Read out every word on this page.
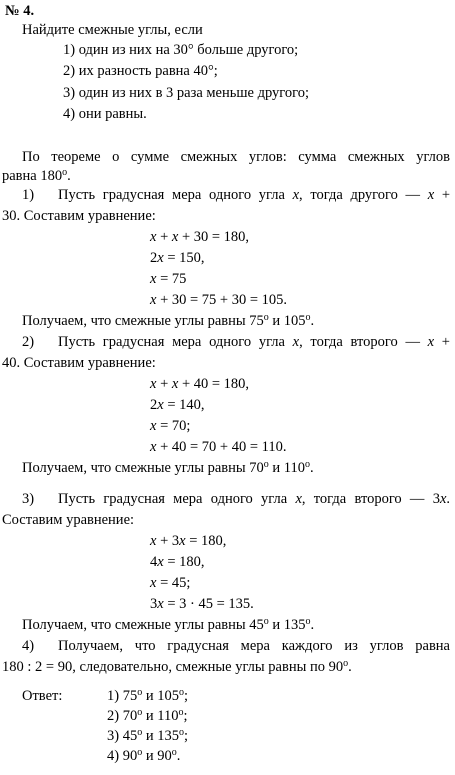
№ 4.
Найдите смежные углы, если
1) один из них на 30° больше другого;
2) их разность равна 40°;
3) один из них в 3 раза меньше другого;
4) они равны.
По теореме о сумме смежных углов: сумма смежных углов
равна 180$^o$.
1) Пусть градусная мера одного угла x, тогда другого — x +
30. Составим уравнение:
x + x + 30 = 180,
2x = 150,
x = 75
x + 30 = 75 + 30 = 105.
Получаем, что смежные углы равны 75$^o$ и 105$^o$.
2) Пусть градусная мера одного угла x, тогда второго — x +
40. Составим уравнение:
x + x + 40 = 180,
2x = 140,
x = 70;
x + 40 = 70 + 40 = 110.
Получаем, что смежные углы равны 70$^o$ и 110$^o$.
3) Пусть градусная мера одного угла x, тогда второго — 3x.
Составим уравнение:
x + 3x = 180,
4x = 180,
x = 45;
3x = 3 · 45 = 135.
Получаем, что смежные углы равны 45$^o$ и 135$^o$.
4) Получаем, что градусная мера каждого из углов равна
180 : 2 = 90, следовательно, смежные углы равны по 90$^o$.
Ответ:	1) 75$^o$ и 105$^o$;
2) 70$^o$ и 110$^o$;
3) 45$^o$ и 135$^o$;
4) 90$^o$ и 90$^o$.
